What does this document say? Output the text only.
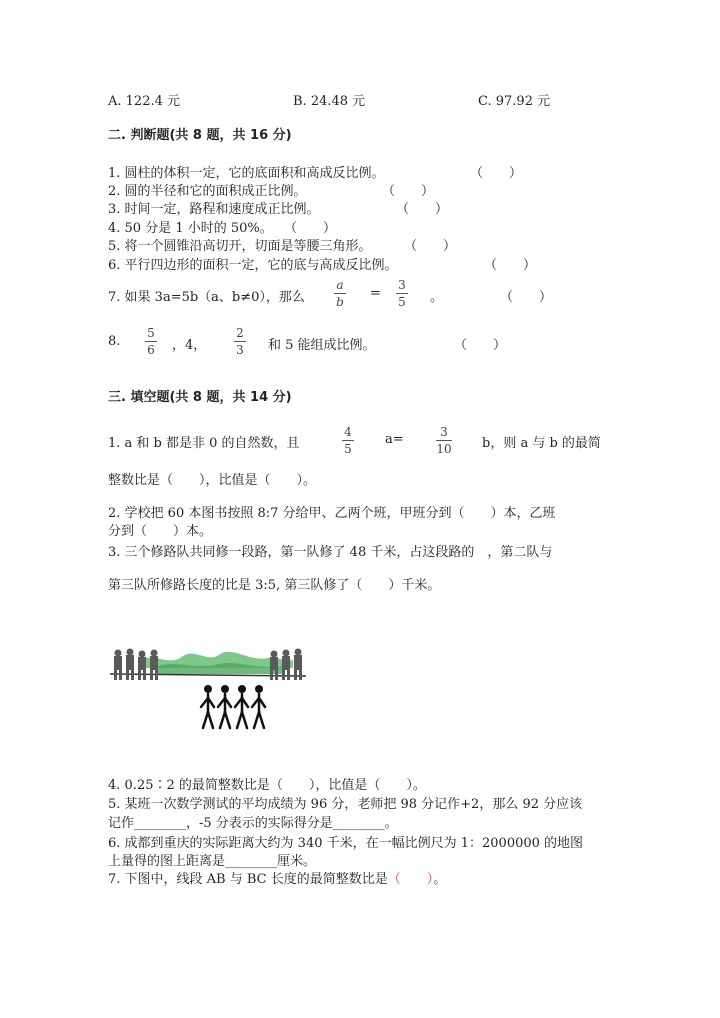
A. 122.4 元	B. 24.48 元	C. 97.92 元
二. 判断题(共 8 题，共 16 分)
1. 圆柱的体积一定，它的底面积和高成反比例。	（　　）
2. 圆的半径和它的面积成正比例。	（　　）
3. 时间一定，路程和速度成正比例。	（　　）
4. 50 分是 1 小时的 50%。 （　　）
5. 将一个圆锥沿高切开，切面是等腰三角形。 （　　）
6. 平行四边形的面积一定，它的底与高成反比例。	（　　）
7. 如果 3a=5b（a、b≠0），那么
a
b
=
3
5 。	（　　）
8.
5
6 ，4，
2
3 和 5 能组成比例。	（　　）
三. 填空题(共 8 题，共 14 分)
1. a 和 b 都是非 0 的自然数，且
4
5
a=	3
10 b，则 a 与 b 的最简
整数比是（　　），比值是（　　）。
2. 学校把 60 本图书按照 8:7 分给甲、乙两个班，甲班分到（　　）本，乙班
分到（　　）本。
3. 三个修路队共同修一段路，第一队修了 48 千米，占这段路的　，第二队与
第三队所修路长度的比是 3:5, 第三队修了（　　）千米。
4. 0.25∶2 的最简整数比是（　　），比值是（　　）。
5. 某班一次数学测试的平均成绩为 96 分，老师把 98 分记作+2，那么 92 分应该
记作________，-5 分表示的实际得分是________。
6. 成都到重庆的实际距离大约为 340 千米，在一幅比例尺为 1：2000000 的地图
上量得的图上距离是________厘米。
7. 下图中，线段 AB 与 BC 长度的最简整数比是（　　）。
